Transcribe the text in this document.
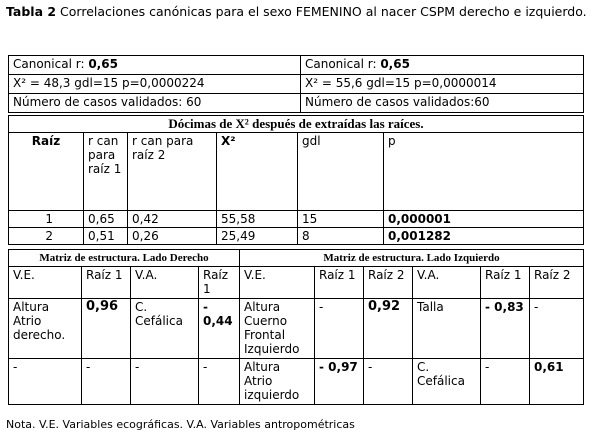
Tabla 2 Correlaciones canónicas para el sexo FEMENINO al nacer CSPM derecho e izquierdo.
Canonical r: 0,65	Canonical r: 0,65
X² = 48,3 gdl=15 p=0,0000224	X² = 55,6 gdl=15 p=0,0000014
Número de casos validados: 60	Número de casos validados:60
Dócimas de X² después de extraídas las raíces.					
Raíz	r can para raíz 1	r can para raíz 2	X²	gdl	p
1	0,65	0,42	55,58	15	0,000001
2	0,51	0,26	25,49	8	0,001282
Matriz de estructura. Lado Derecho				Matriz de estructura. Lado Izquierdo					
V.E.	Raíz 1	V.A.	Raíz 1	V.E.	Raíz 1	Raíz 2	V.A.	Raíz 1	Raíz 2
Altura Atrio derecho.	0,96	C. Cefálica	- 0,44	Altura Cuerno Frontal Izquierdo	-	0,92	Talla	- 0,83	-
-	-	-	-	Altura Atrio izquierdo	- 0,97	-	C. Cefálica	-	0,61
Nota. V.E. Variables ecográficas. V.A. Variables antropométricas
